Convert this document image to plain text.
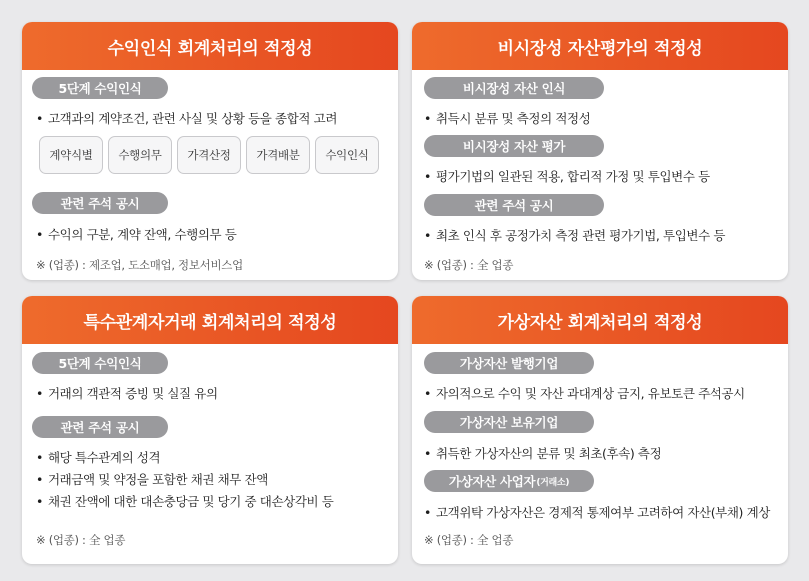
수익인식 회계처리의 적정성
5단계 수익인식
• 고객과의 계약조건, 관련 사실 및 상황 등을 종합적 고려
계약식별	수행의무	가격산정	가격배분	수익인식
관련 주석 공시
• 수익의 구분, 계약 잔액, 수행의무 등
※ (업종) : 제조업, 도소매업, 정보서비스업
비시장성 자산평가의 적정성
비시장성 자산 인식
• 취득시 분류 및 측정의 적정성
비시장성 자산 평가
• 평가기법의 일관된 적용, 합리적 가정 및 투입변수 등
관련 주석 공시
• 최초 인식 후 공정가치 측정 관련 평가기법, 투입변수 등
※ (업종) : 全 업종
특수관계자거래 회계처리의 적정성
5단계 수익인식
• 거래의 객관적 증빙 및 실질 유의
관련 주석 공시
• 해당 특수관계의 성격
• 거래금액 및 약정을 포함한 채권 채무 잔액
• 채권 잔액에 대한 대손충당금 및 당기 중 대손상각비 등
※ (업종) : 全 업종
가상자산 회계처리의 적정성
가상자산 발행기업
• 자의적으로 수익 및 자산 과대계상 금지, 유보토큰 주석공시
가상자산 보유기업
• 취득한 가상자산의 분류 및 최초(후속) 측정
가상자산 사업자 (거래소)
• 고객위탁 가상자산은 경제적 통제여부 고려하여 자산(부채) 계상
※ (업종) : 全 업종
